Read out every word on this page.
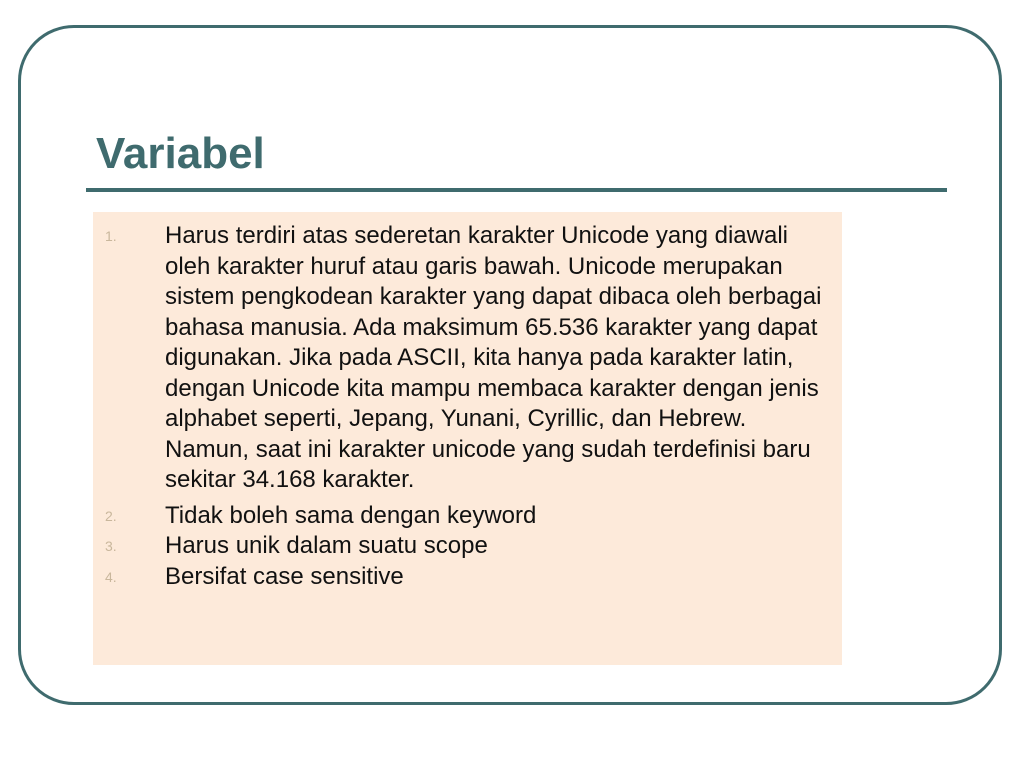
Variabel
1. Harus terdiri atas sederetan karakter Unicode yang diawali oleh karakter huruf atau garis bawah. Unicode merupakan sistem pengkodean karakter yang dapat dibaca oleh berbagai bahasa manusia. Ada maksimum 65.536 karakter yang dapat digunakan. Jika pada ASCII, kita hanya pada karakter latin, dengan Unicode kita mampu membaca karakter dengan jenis alphabet seperti, Jepang, Yunani, Cyrillic, dan Hebrew. Namun, saat ini karakter unicode yang sudah terdefinisi baru sekitar 34.168 karakter.
2. Tidak boleh sama dengan keyword
3. Harus unik dalam suatu scope
4. Bersifat case sensitive
